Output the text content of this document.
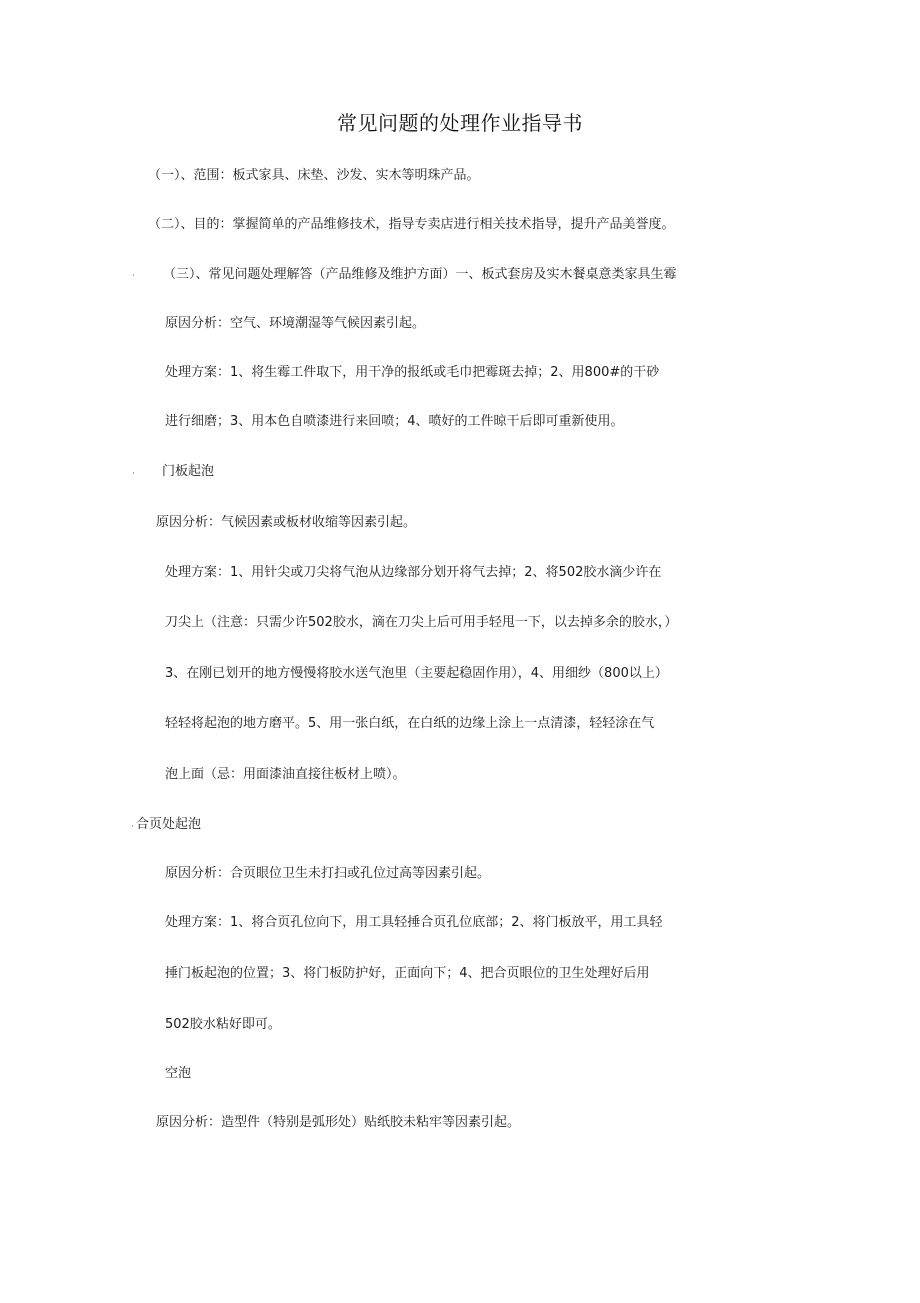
常见问题的处理作业指导书
（一）、范围：板式家具、床垫、沙发、实木等明珠产品。
（二）、目的：掌握简单的产品维修技术，指导专卖店进行相关技术指导，提升产品美誉度。
· （三）、常见问题处理解答（产品维修及维护方面）一、板式套房及实木餐桌意类家具生霉
原因分析：空气、环境潮湿等气候因素引起。
处理方案：1、将生霉工件取下，用干净的报纸或毛巾把霉斑去掉；2、用800#的干砂
进行细磨；3、用本色自喷漆进行来回喷；4、喷好的工件晾干后即可重新使用。
· 门板起泡
原因分析：气候因素或板材收缩等因素引起。
处理方案：1、用针尖或刀尖将气泡从边缘部分划开将气去掉；2、将502胶水滴少许在
刀尖上（注意：只需少许502胶水，滴在刀尖上后可用手轻甩一下，以去掉多余的胶水，）
3、在刚已划开的地方慢慢将胶水送气泡里（主要起稳固作用），4、用细纱（800以上）
轻轻将起泡的地方磨平。5、用一张白纸，在白纸的边缘上涂上一点清漆，轻轻涂在气
泡上面（忌：用面漆油直接往板材上喷）。
· 合页处起泡
原因分析：合页眼位卫生未打扫或孔位过高等因素引起。
处理方案：1、将合页孔位向下，用工具轻捶合页孔位底部；2、将门板放平，用工具轻
捶门板起泡的位置；3、将门板防护好，正面向下；4、把合页眼位的卫生处理好后用
502胶水粘好即可。
空泡
原因分析：造型件（特别是弧形处）贴纸胶未粘牢等因素引起。
